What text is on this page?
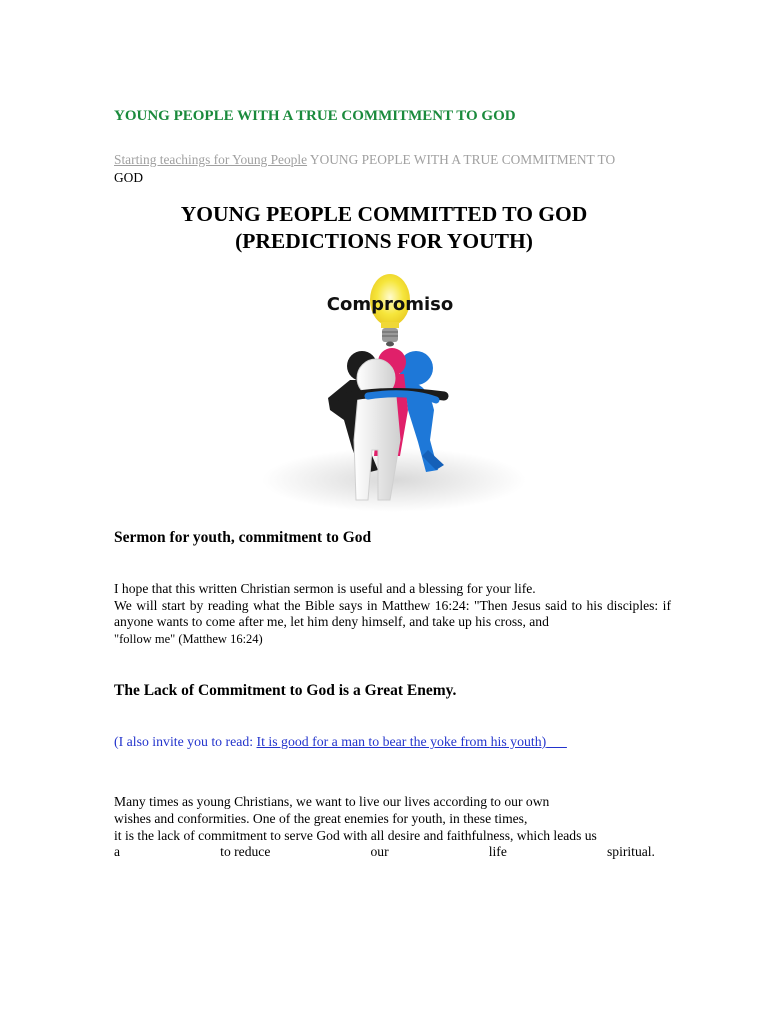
YOUNG PEOPLE WITH A TRUE COMMITMENT TO GOD
Starting teachings for Young People YOUNG PEOPLE WITH A TRUE COMMITMENT TO
GOD
YOUNG PEOPLE COMMITTED TO GOD
(PREDICTIONS FOR YOUTH)
Compromiso
Sermon for youth, commitment to God

I hope that this written Christian sermon is useful and a blessing for your life.

We will start by reading what the Bible says in Matthew 16:24: "Then Jesus said to his disciples: if anyone wants to come after me, let him deny himself, and take up his cross, and

"follow me" (Matthew 16:24)

The Lack of Commitment to God is a Great Enemy.
(I also invite you to read: It is good for a man to bear the yoke from his youth)
Many times as young Christians, we want to live our lives according to our own
wishes and conformities. One of the great enemies for youth, in these times,
it is the lack of commitment to serve God with all desire and faithfulness, which leads us
a	to reduce	our	life	spiritual.
